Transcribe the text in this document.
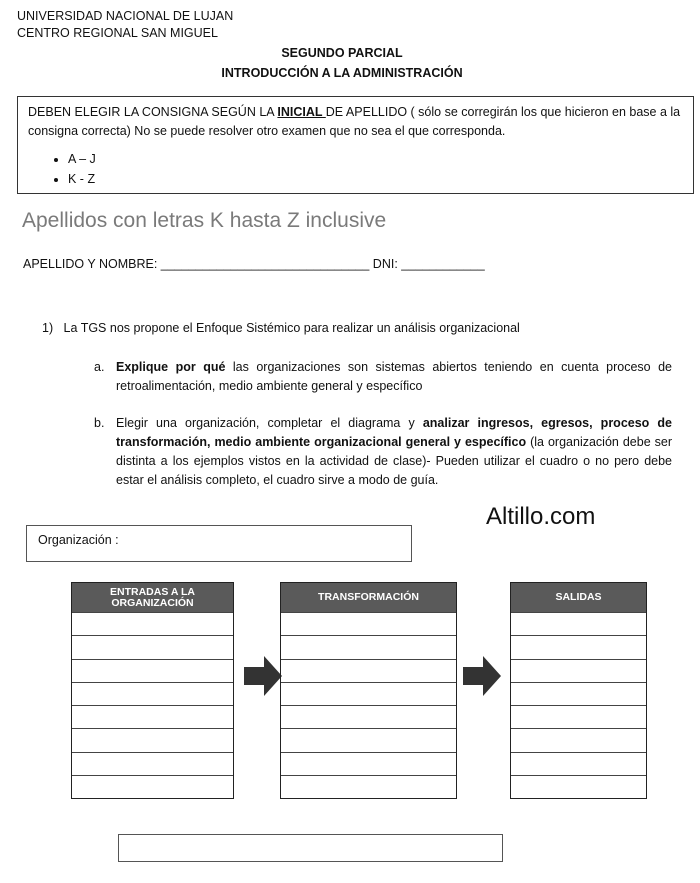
UNIVERSIDAD NACIONAL DE LUJAN
CENTRO REGIONAL SAN MIGUEL
SEGUNDO PARCIAL
INTRODUCCIÓN A LA ADMINISTRACIÓN
DEBEN ELEGIR LA CONSIGNA SEGÚN LA INICIAL DE APELLIDO ( sólo se corregirán los que hicieron en base a la consigna correcta) No se puede resolver otro examen que no sea el que corresponda.
• A – J
• K - Z
Apellidos con letras K hasta Z inclusive
APELLIDO Y NOMBRE: ______________________________ DNI: ____________
1) La TGS nos propone el Enfoque Sistémico para realizar un análisis organizacional
a. Explique por qué las organizaciones son sistemas abiertos teniendo en cuenta proceso de retroalimentación, medio ambiente general y específico
b. Elegir una organización, completar el diagrama y analizar ingresos, egresos, proceso de transformación, medio ambiente organizacional general y específico (la organización debe ser distinta a los ejemplos vistos en la actividad de clase)- Pueden utilizar el cuadro o no pero debe estar el análisis completo, el cuadro sirve a modo de guía.
Altillo.com
Organización :
ENTRADAS A LA ORGANIZACIÓN	TRANSFORMACIÓN	SALIDAS
